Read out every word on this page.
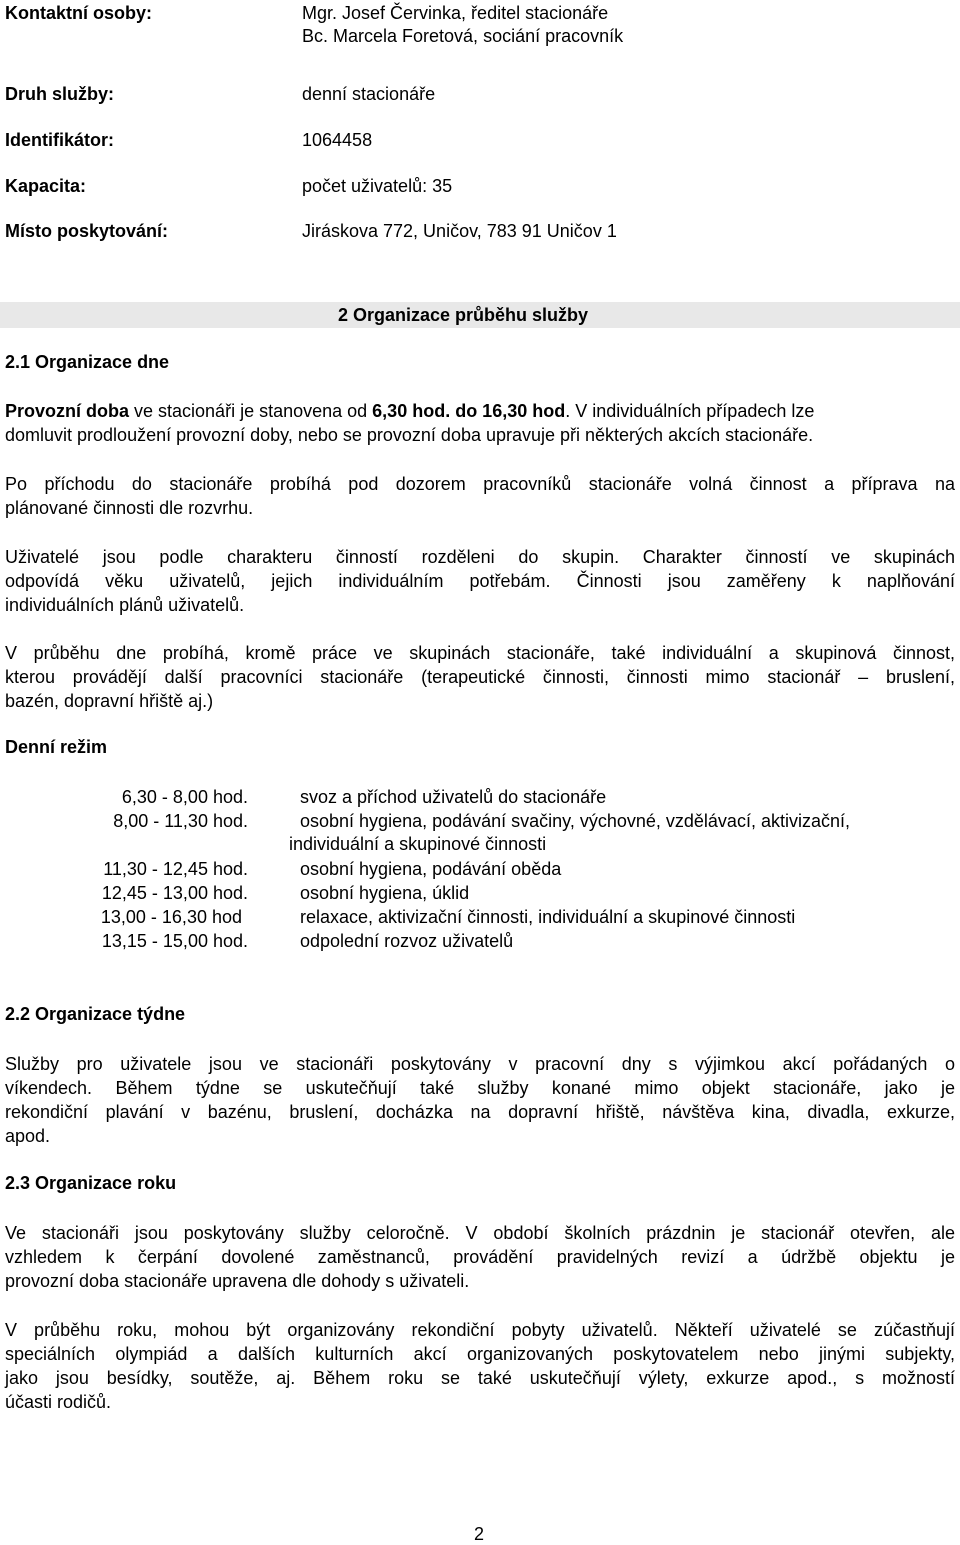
Kontaktní osoby:	Mgr. Josef Červinka, ředitel stacionáře
Bc. Marcela Foretová, sociání pracovník
Druh služby:	denní stacionáře
Identifikátor:	1064458
Kapacita:	počet uživatelů: 35
Místo poskytování:	Jiráskova 772, Uničov, 783 91 Uničov 1
2 Organizace průběhu služby
2.1 Organizace dne
Provozní doba ve stacionáři je stanovena od 6,30 hod. do 16,30 hod. V individuálních případech lze
domluvit prodloužení provozní doby, nebo se provozní doba upravuje při některých akcích stacionáře.
Po příchodu do stacionáře probíhá pod dozorem pracovníků stacionáře volná činnost a příprava na
plánované činnosti dle rozvrhu.
Uživatelé jsou podle charakteru činností rozděleni do skupin. Charakter činností ve skupinách
odpovídá věku uživatelů, jejich individuálním potřebám. Činnosti jsou zaměřeny k naplňování
individuálních plánů uživatelů.
V průběhu dne probíhá, kromě práce ve skupinách stacionáře, také individuální a skupinová činnost,
kterou provádějí další pracovníci stacionáře (terapeutické činnosti, činnosti mimo stacionář – bruslení,
bazén, dopravní hřiště aj.)
Denní režim
6,30 - 8,00 hod.	svoz a příchod uživatelů do stacionáře
8,00 - 11,30 hod.	osobní hygiena, podávání svačiny, výchovné, vzdělávací, aktivizační,
individuální a skupinové činnosti
11,30 - 12,45 hod.	osobní hygiena, podávání oběda
12,45 - 13,00 hod.	osobní hygiena, úklid
13,00 - 16,30 hod	relaxace, aktivizační činnosti, individuální a skupinové činnosti
13,15 - 15,00 hod.	odpolední rozvoz uživatelů
2.2 Organizace týdne
Služby pro uživatele jsou ve stacionáři poskytovány v pracovní dny s výjimkou akcí pořádaných o
víkendech. Během týdne se uskutečňují také služby konané mimo objekt stacionáře, jako je
rekondiční plavání v bazénu, bruslení, docházka na dopravní hřiště, návštěva kina, divadla, exkurze,
apod.
2.3 Organizace roku
Ve stacionáři jsou poskytovány služby celoročně. V období školních prázdnin je stacionář otevřen, ale
vzhledem k čerpání dovolené zaměstnanců, provádění pravidelných revizí a údržbě objektu je
provozní doba stacionáře upravena dle dohody s uživateli.
V průběhu roku, mohou být organizovány rekondiční pobyty uživatelů. Někteří uživatelé se zúčastňují
speciálních olympiád a dalších kulturních akcí organizovaných poskytovatelem nebo jinými subjekty,
jako jsou besídky, soutěže, aj. Během roku se také uskutečňují výlety, exkurze apod., s možností
účasti rodičů.
2
